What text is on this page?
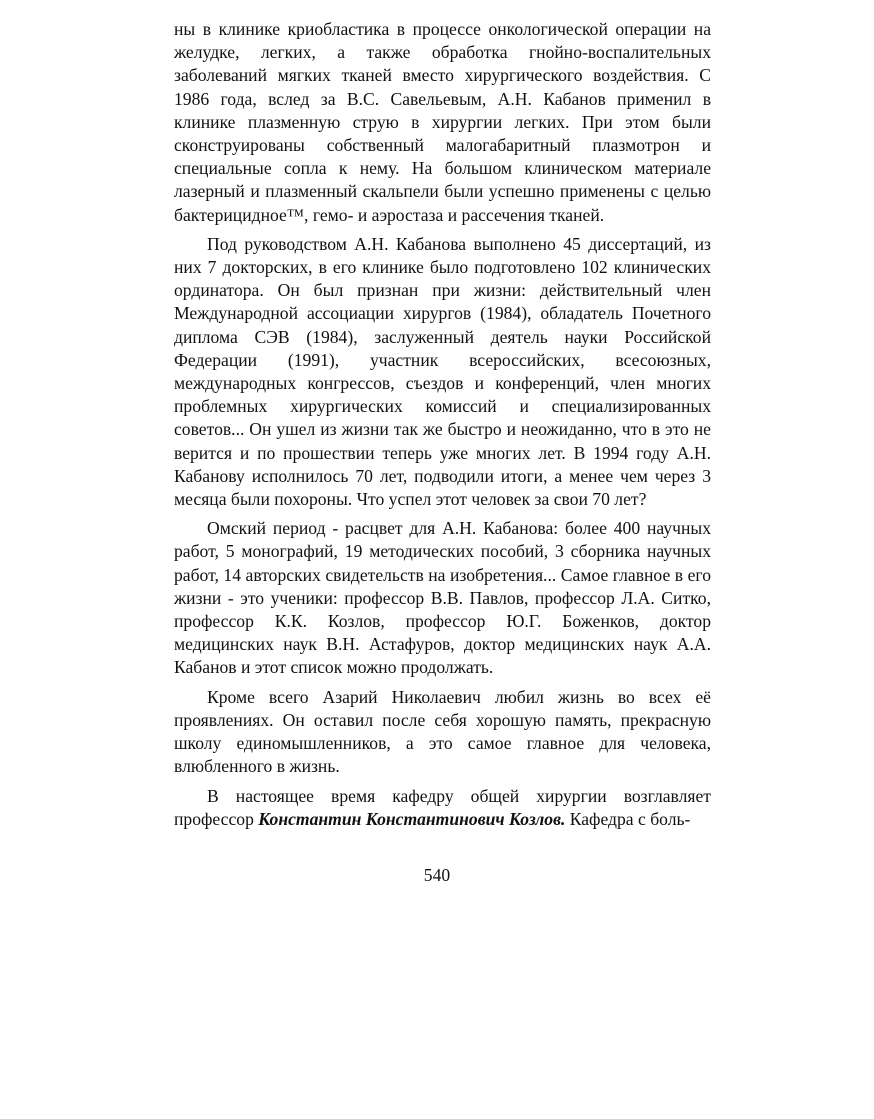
ны в клинике криобластика в процессе онкологической операции на желудке, легких, а также обработка гнойно-воспалительных заболеваний мягких тканей вместо хирургического воздействия. С 1986 года, вслед за В.С. Савельевым, А.Н. Кабанов применил в клинике плазменную струю в хирургии легких. При этом были сконструированы собственный малогабаритный плазмотрон и специальные сопла к нему. На большом клиническом материале лазерный и плазменный скальпели были успешно применены с целью бактерицидное™, гемо- и аэростаза и рассечения тканей.

Под руководством А.Н. Кабанова выполнено 45 диссертаций, из них 7 докторских, в его клинике было подготовлено 102 клинических ординатора. Он был признан при жизни: действительный член Международной ассоциации хирургов (1984), обладатель Почетного диплома СЭВ (1984), заслуженный деятель науки Российской Федерации (1991), участник всероссийских, всесоюзных, международных конгрессов, съездов и конференций, член многих проблемных хирургических комиссий и специализированных советов... Он ушел из жизни так же быстро и неожиданно, что в это не верится и по прошествии теперь уже многих лет. В 1994 году А.Н. Кабанову исполнилось 70 лет, подводили итоги, а менее чем через 3 месяца были похороны. Что успел этот человек за свои 70 лет?

Омский период - расцвет для А.Н. Кабанова: более 400 научных работ, 5 монографий, 19 методических пособий, 3 сборника научных работ, 14 авторских свидетельств на изобретения... Самое главное в его жизни - это ученики: профессор В.В. Павлов, профессор Л.А. Ситко, профессор К.К. Козлов, профессор Ю.Г. Боженков, доктор медицинских наук В.Н. Астафуров, доктор медицинских наук А.А. Кабанов и этот список можно продолжать.

Кроме всего Азарий Николаевич любил жизнь во всех её проявлениях. Он оставил после себя хорошую память, прекрасную школу единомышленников, а это самое главное для человека, влюбленного в жизнь.

В настоящее время кафедру общей хирургии возглавляет профессор Константин Константинович Козлов. Кафедра с боль-

540
